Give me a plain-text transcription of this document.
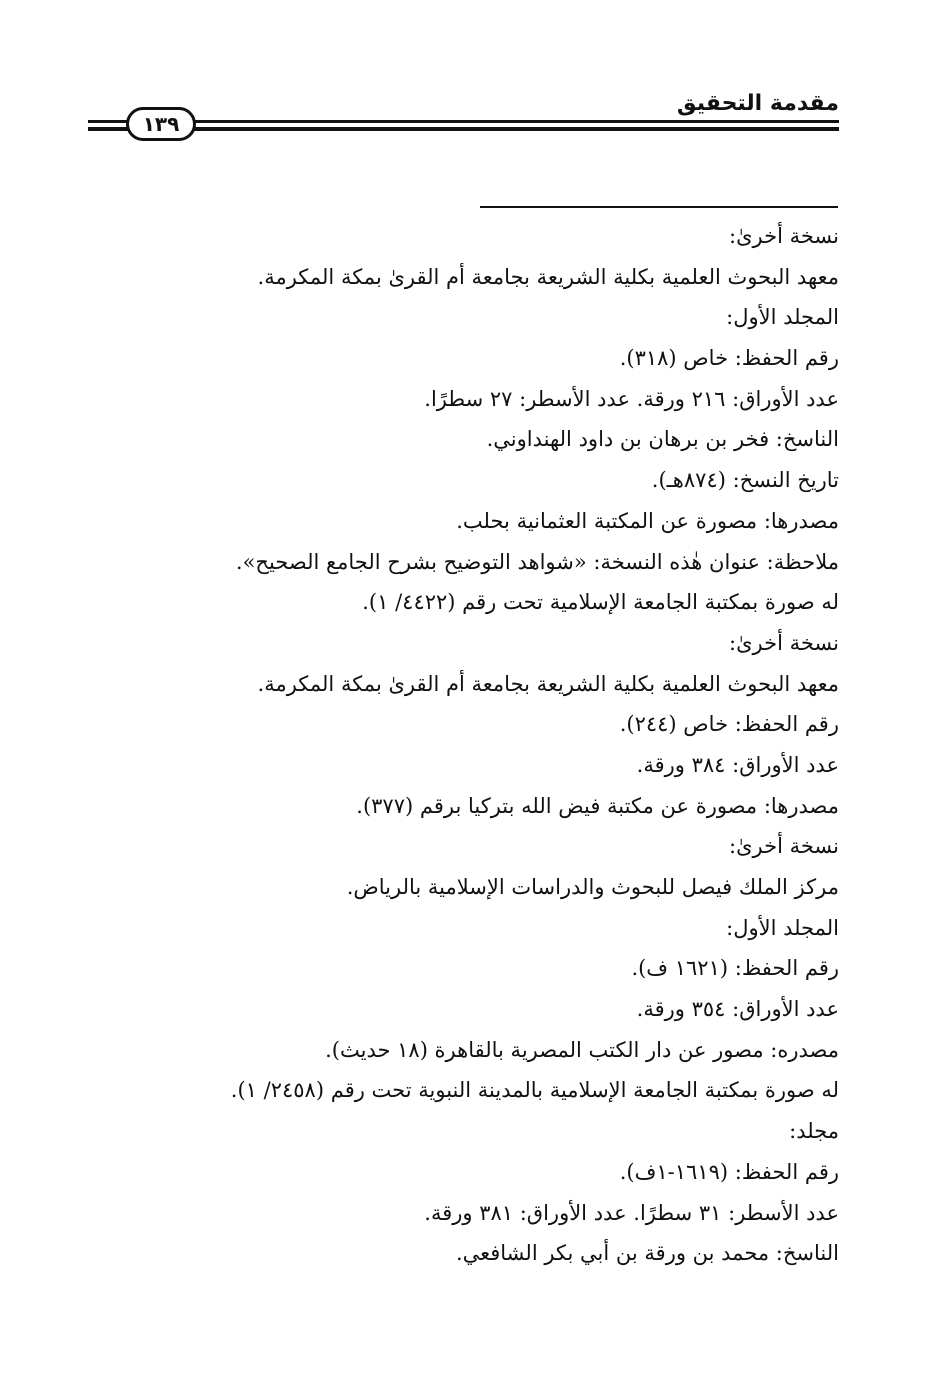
مقدمة التحقيق
١٣٩
نسخة أخرىٰ:
معهد البحوث العلمية بكلية الشريعة بجامعة أم القرىٰ بمكة المكرمة.
المجلد الأول:
رقم الحفظ: خاص (٣١٨).
عدد الأوراق: ٢١٦ ورقة. عدد الأسطر: ٢٧ سطرًا.
الناسخ: فخر بن برهان بن داود الهنداوني.
تاريخ النسخ: (٨٧٤هـ).
مصدرها: مصورة عن المكتبة العثمانية بحلب.
ملاحظة: عنوان هٰذه النسخة: «شواهد التوضيح بشرح الجامع الصحيح».
له صورة بمكتبة الجامعة الإسلامية تحت رقم (٤٤٢٢/ ١).
نسخة أخرىٰ:
معهد البحوث العلمية بكلية الشريعة بجامعة أم القرىٰ بمكة المكرمة.
رقم الحفظ: خاص (٢٤٤).
عدد الأوراق: ٣٨٤ ورقة.
مصدرها: مصورة عن مكتبة فيض الله بتركيا برقم (٣٧٧).
نسخة أخرىٰ:
مركز الملك فيصل للبحوث والدراسات الإسلامية بالرياض.
المجلد الأول:
رقم الحفظ: (١٦٢١ ف).
عدد الأوراق: ٣٥٤ ورقة.
مصدره: مصور عن دار الكتب المصرية بالقاهرة (١٨ حديث).
له صورة بمكتبة الجامعة الإسلامية بالمدينة النبوية تحت رقم (٢٤٥٨/ ١).
مجلد:
رقم الحفظ: (١٦١٩-١ف).
عدد الأسطر: ٣١ سطرًا. عدد الأوراق: ٣٨١ ورقة.
الناسخ: محمد بن ورقة بن أبي بكر الشافعي.
